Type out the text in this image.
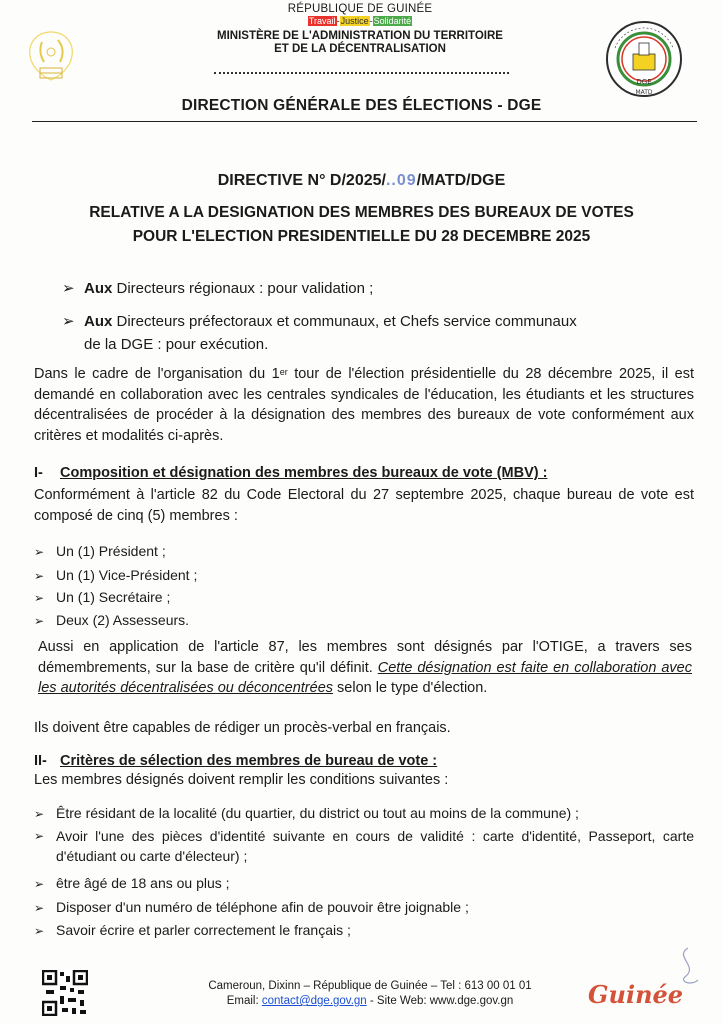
DGE
MATD
RÉPUBLIQUE DE GUINÉE
Travail-Justice-Solidarité
MINISTÈRE DE L'ADMINISTRATION DU TERRITOIRE
ET DE LA DÉCENTRALISATION
DIRECTION GÉNÉRALE DES ÉLECTIONS - DGE
DIRECTIVE N° D/2025/..09/MATD/DGE
RELATIVE A LA DESIGNATION DES MEMBRES DES BUREAUX DE VOTES
POUR L'ELECTION PRESIDENTIELLE DU 28 DECEMBRE 2025
➢ Aux Directeurs régionaux : pour validation ;
➢ Aux Directeurs préfectoraux et communaux, et Chefs service communaux
de la DGE : pour exécution.
Dans le cadre de l'organisation du 1er tour de l'élection présidentielle du 28 décembre 2025, il est demandé en collaboration avec les centrales syndicales de l'éducation, les étudiants et les structures décentralisées de procéder à la désignation des membres des bureaux de vote conformément aux critères et modalités ci-après.
I- Composition et désignation des membres des bureaux de vote (MBV) :
Conformément à l'article 82 du Code Electoral du 27 septembre 2025, chaque bureau de vote est composé de cinq (5) membres :
➢ Un (1) Président ;
➢ Un (1) Vice-Président ;
➢ Un (1) Secrétaire ;
➢ Deux (2) Assesseurs.
Aussi en application de l'article 87, les membres sont désignés par l'OTIGE, a travers ses démembrements, sur la base de critère qu'il définit. Cette désignation est faite en collaboration avec les autorités décentralisées ou déconcentrées selon le type d'élection.
Ils doivent être capables de rédiger un procès-verbal en français.
II- Critères de sélection des membres de bureau de vote :
Les membres désignés doivent remplir les conditions suivantes :
➢ Être résidant de la localité (du quartier, du district ou tout au moins de la commune) ;
➢ Avoir l'une des pièces d'identité suivante en cours de validité : carte d'identité, Passeport, carte d'étudiant ou carte d'électeur) ;
➢ être âgé de 18 ans ou plus ;
➢ Disposer d'un numéro de téléphone afin de pouvoir être joignable ;
➢ Savoir écrire et parler correctement le français ;
Cameroun, Dixinn – République de Guinée – Tel : 613 00 01 01
Email: contact@dge.gov.gn - Site Web: www.dge.gov.gn	Guinée
